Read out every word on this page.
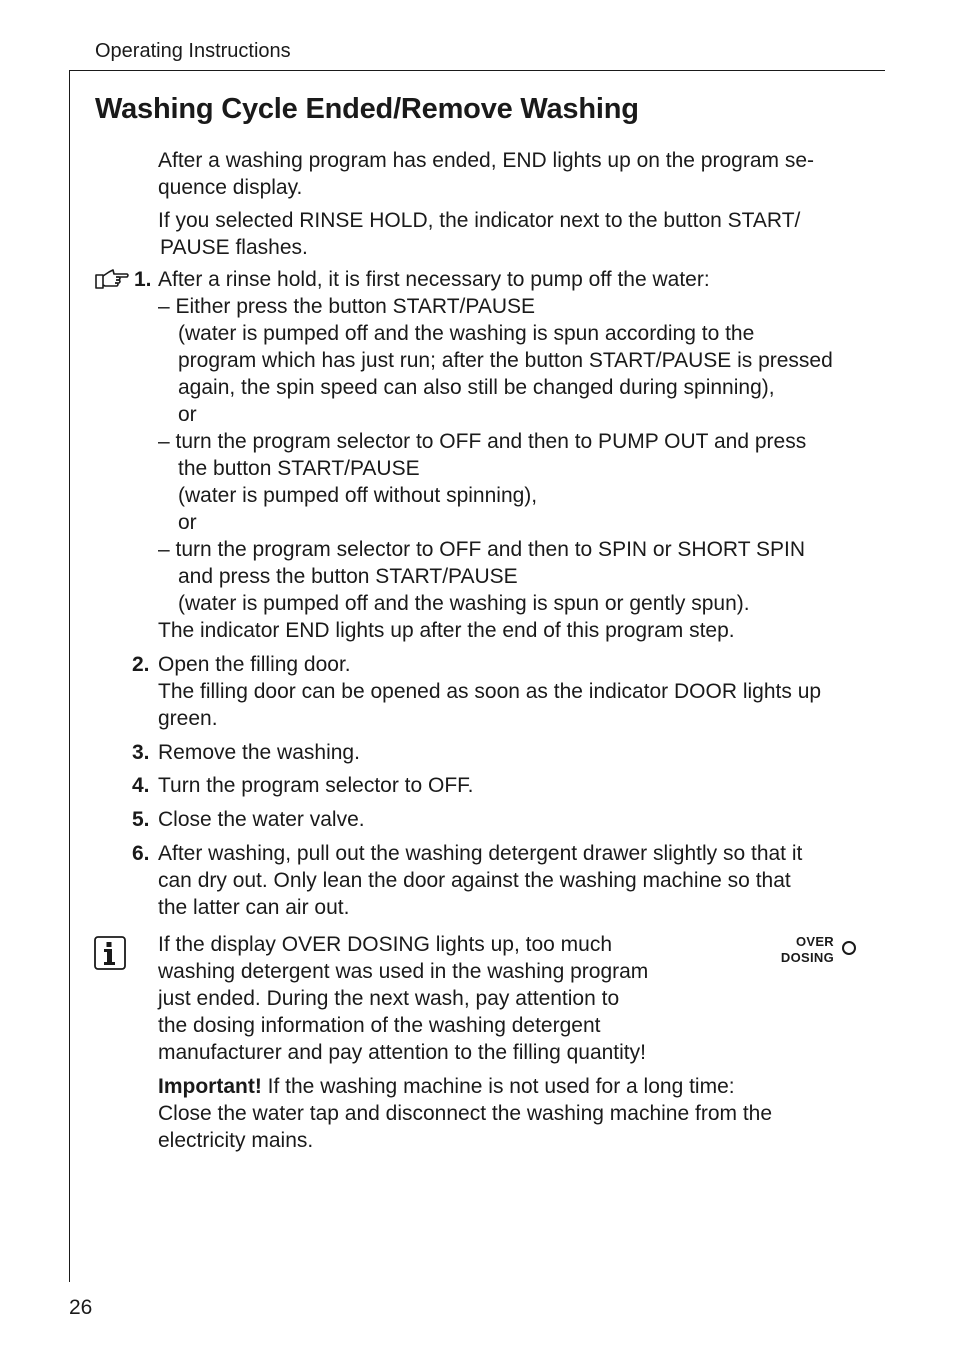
Operating Instructions
Washing Cycle Ended/Remove Washing
After a washing program has ended, END lights up on the program se-
quence display.
If you selected RINSE HOLD, the indicator next to the button START/
PAUSE flashes.
1. After a rinse hold, it is first necessary to pump off the water:
– Either press the button START/PAUSE
(water is pumped off and the washing is spun according to the
program which has just run; after the button START/PAUSE is pressed
again, the spin speed can also still be changed during spinning),
or
– turn the program selector to OFF and then to PUMP OUT and press
the button START/PAUSE
(water is pumped off without spinning),
or
– turn the program selector to OFF and then to SPIN or SHORT SPIN
and press the button START/PAUSE
(water is pumped off and the washing is spun or gently spun).
The indicator END lights up after the end of this program step.
2. Open the filling door.
The filling door can be opened as soon as the indicator DOOR lights up
green.
3. Remove the washing.
4. Turn the program selector to OFF.
5. Close the water valve.
6. After washing, pull out the washing detergent drawer slightly so that it
can dry out. Only lean the door against the washing machine so that
the latter can air out.
If the display OVER DOSING lights up, too much
washing detergent was used in the washing program
just ended. During the next wash, pay attention to
the dosing information of the washing detergent
manufacturer and pay attention to the filling quantity!
OVER
DOSING
Important! If the washing machine is not used for a long time:
Close the water tap and disconnect the washing machine from the
electricity mains.
26
